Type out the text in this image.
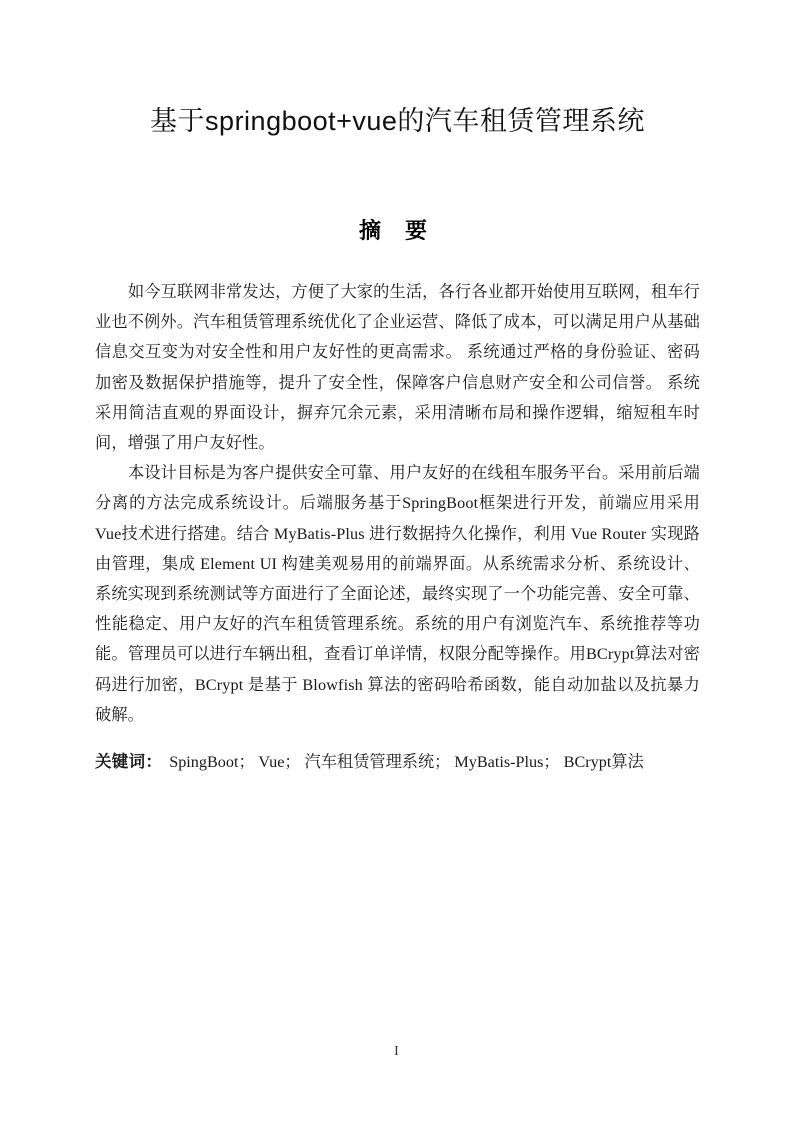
基于springboot+vue的汽车租赁管理系统
摘 要

如今互联网非常发达，方便了大家的生活，各行各业都开始使用互联网，租车行业也不例外。汽车租赁管理系统优化了企业运营、降低了成本，可以满足用户从基础信息交互变为对安全性和用户友好性的更高需求。 系统通过严格的身份验证、密码加密及数据保护措施等，提升了安全性，保障客户信息财产安全和公司信誉。 系统采用简洁直观的界面设计，摒弃冗余元素，采用清晰布局和操作逻辑，缩短租车时间，增强了用户友好性。

本设计目标是为客户提供安全可靠、用户友好的在线租车服务平台。采用前后端分离的方法完成系统设计。后端服务基于SpringBoot框架进行开发，前端应用采用Vue技术进行搭建。结合 MyBatis-Plus 进行数据持久化操作，利用 Vue Router 实现路由管理，集成 Element UI 构建美观易用的前端界面。从系统需求分析、系统设计、系统实现到系统测试等方面进行了全面论述，最终实现了一个功能完善、安全可靠、性能稳定、用户友好的汽车租赁管理系统。系统的用户有浏览汽车、系统推荐等功能。管理员可以进行车辆出租，查看订单详情，权限分配等操作。用BCrypt算法对密码进行加密，BCrypt 是基于 Blowfish 算法的密码哈希函数，能自动加盐以及抗暴力破解。

关键词： SpingBoot； Vue； 汽车租赁管理系统； MyBatis-Plus； BCrypt算法
I
